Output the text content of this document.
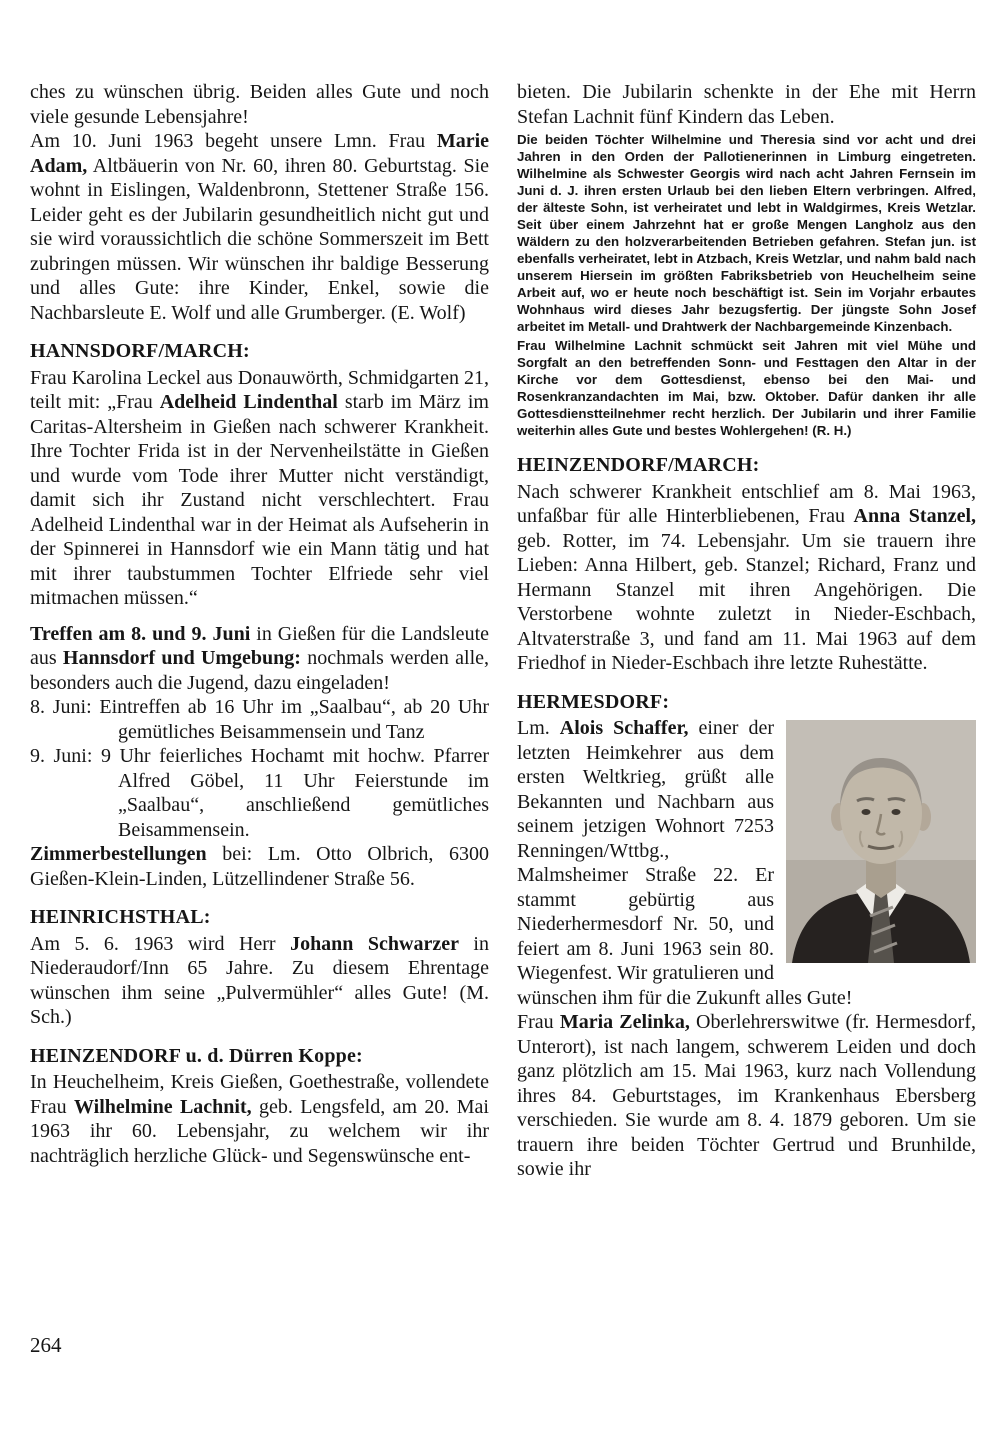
ches zu wünschen übrig. Beiden alles Gute und noch viele gesunde Lebensjahre!
Am 10. Juni 1963 begeht unsere Lmn. Frau Marie Adam, Altbäuerin von Nr. 60, ihren 80. Geburtstag. Sie wohnt in Eislingen, Waldenbronn, Stettener Straße 156. Leider geht es der Jubilarin gesundheitlich nicht gut und sie wird voraussichtlich die schöne Sommerszeit im Bett zubringen müssen. Wir wünschen ihr baldige Besserung und alles Gute: ihre Kinder, Enkel, sowie die Nachbarsleute E. Wolf und alle Grumberger. (E. Wolf)
HANNSDORF/MARCH:
Frau Karolina Leckel aus Donauwörth, Schmidgarten 21, teilt mit: „Frau Adelheid Lindenthal starb im März im Caritas-Altersheim in Gießen nach schwerer Krankheit. Ihre Tochter Frida ist in der Nervenheilstätte in Gießen und wurde vom Tode ihrer Mutter nicht verständigt, damit sich ihr Zustand nicht verschlechtert. Frau Adelheid Lindenthal war in der Heimat als Aufseherin in der Spinnerei in Hannsdorf wie ein Mann tätig und hat mit ihrer taubstummen Tochter Elfriede sehr viel mitmachen müssen.“
Treffen am 8. und 9. Juni in Gießen für die Landsleute aus Hannsdorf und Umgebung: nochmals werden alle, besonders auch die Jugend, dazu eingeladen!
8. Juni: Eintreffen ab 16 Uhr im „Saalbau“, ab 20 Uhr gemütliches Beisammensein und Tanz
9. Juni: 9 Uhr feierliches Hochamt mit hochw. Pfarrer Alfred Göbel, 11 Uhr Feierstunde im „Saalbau“, anschließend gemütliches Beisammensein.
Zimmerbestellungen bei: Lm. Otto Olbrich, 6300 Gießen-Klein-Linden, Lützellindener Straße 56.
HEINRICHSTHAL:
Am 5. 6. 1963 wird Herr Johann Schwarzer in Niederaudorf/Inn 65 Jahre. Zu diesem Ehrentage wünschen ihm seine „Pulvermühler“ alles Gute! (M. Sch.)
HEINZENDORF u. d. Dürren Koppe:
In Heuchelheim, Kreis Gießen, Goethestraße, vollendete Frau Wilhelmine Lachnit, geb. Lengsfeld, am 20. Mai 1963 ihr 60. Lebensjahr, zu welchem wir ihr nachträglich herzliche Glück- und Segenswünsche ent-
bieten. Die Jubilarin schenkte in der Ehe mit Herrn Stefan Lachnit fünf Kindern das Leben.
Die beiden Töchter Wilhelmine und Theresia sind vor acht und drei Jahren in den Orden der Pallotienerinnen in Limburg eingetreten. Wilhelmine als Schwester Georgis wird nach acht Jahren Fernsein im Juni d. J. ihren ersten Urlaub bei den lieben Eltern verbringen. Alfred, der älteste Sohn, ist verheiratet und lebt in Waldgirmes, Kreis Wetzlar. Seit über einem Jahrzehnt hat er große Mengen Langholz aus den Wäldern zu den holzverarbeitenden Betrieben gefahren. Stefan jun. ist ebenfalls verheiratet, lebt in Atzbach, Kreis Wetzlar, und nahm bald nach unserem Hiersein im größten Fabriksbetrieb von Heuchelheim seine Arbeit auf, wo er heute noch beschäftigt ist. Sein im Vorjahr erbautes Wohnhaus wird dieses Jahr bezugsfertig. Der jüngste Sohn Josef arbeitet im Metall- und Drahtwerk der Nachbargemeinde Kinzenbach.
Frau Wilhelmine Lachnit schmückt seit Jahren mit viel Mühe und Sorgfalt an den betreffenden Sonn- und Festtagen den Altar in der Kirche vor dem Gottesdienst, ebenso bei den Mai- und Rosenkranzandachten im Mai, bzw. Oktober. Dafür danken ihr alle Gottesdienstteilnehmer recht herzlich. Der Jubilarin und ihrer Familie weiterhin alles Gute und bestes Wohlergehen! (R. H.)
HEINZENDORF/MARCH:
Nach schwerer Krankheit entschlief am 8. Mai 1963, unfaßbar für alle Hinterbliebenen, Frau Anna Stanzel, geb. Rotter, im 74. Lebensjahr. Um sie trauern ihre Lieben: Anna Hilbert, geb. Stanzel; Richard, Franz und Hermann Stanzel mit ihren Angehörigen. Die Verstorbene wohnte zuletzt in Nieder-Eschbach, Altvaterstraße 3, und fand am 11. Mai 1963 auf dem Friedhof in Nieder-Eschbach ihre letzte Ruhestätte.
HERMESDORF:
Lm. Alois Schaffer, einer der letzten Heimkehrer aus dem ersten Weltkrieg, grüßt alle Bekannten und Nachbarn aus seinem jetzigen Wohnort 7253 Renningen/Wttbg., Malmsheimer Straße 22. Er stammt gebürtig aus Niederhermesdorf Nr. 50, und feiert am 8. Juni 1963 sein 80. Wiegenfest. Wir gratulieren und wünschen ihm für die Zukunft alles Gute!
Frau Maria Zelinka, Oberlehrerswitwe (fr. Hermesdorf, Unterort), ist nach langem, schwerem Leiden und doch ganz plötzlich am 15. Mai 1963, kurz nach Vollendung ihres 84. Geburtstages, im Krankenhaus Ebersberg verschieden. Sie wurde am 8. 4. 1879 geboren. Um sie trauern ihre beiden Töchter Gertrud und Brunhilde, sowie ihr
264
